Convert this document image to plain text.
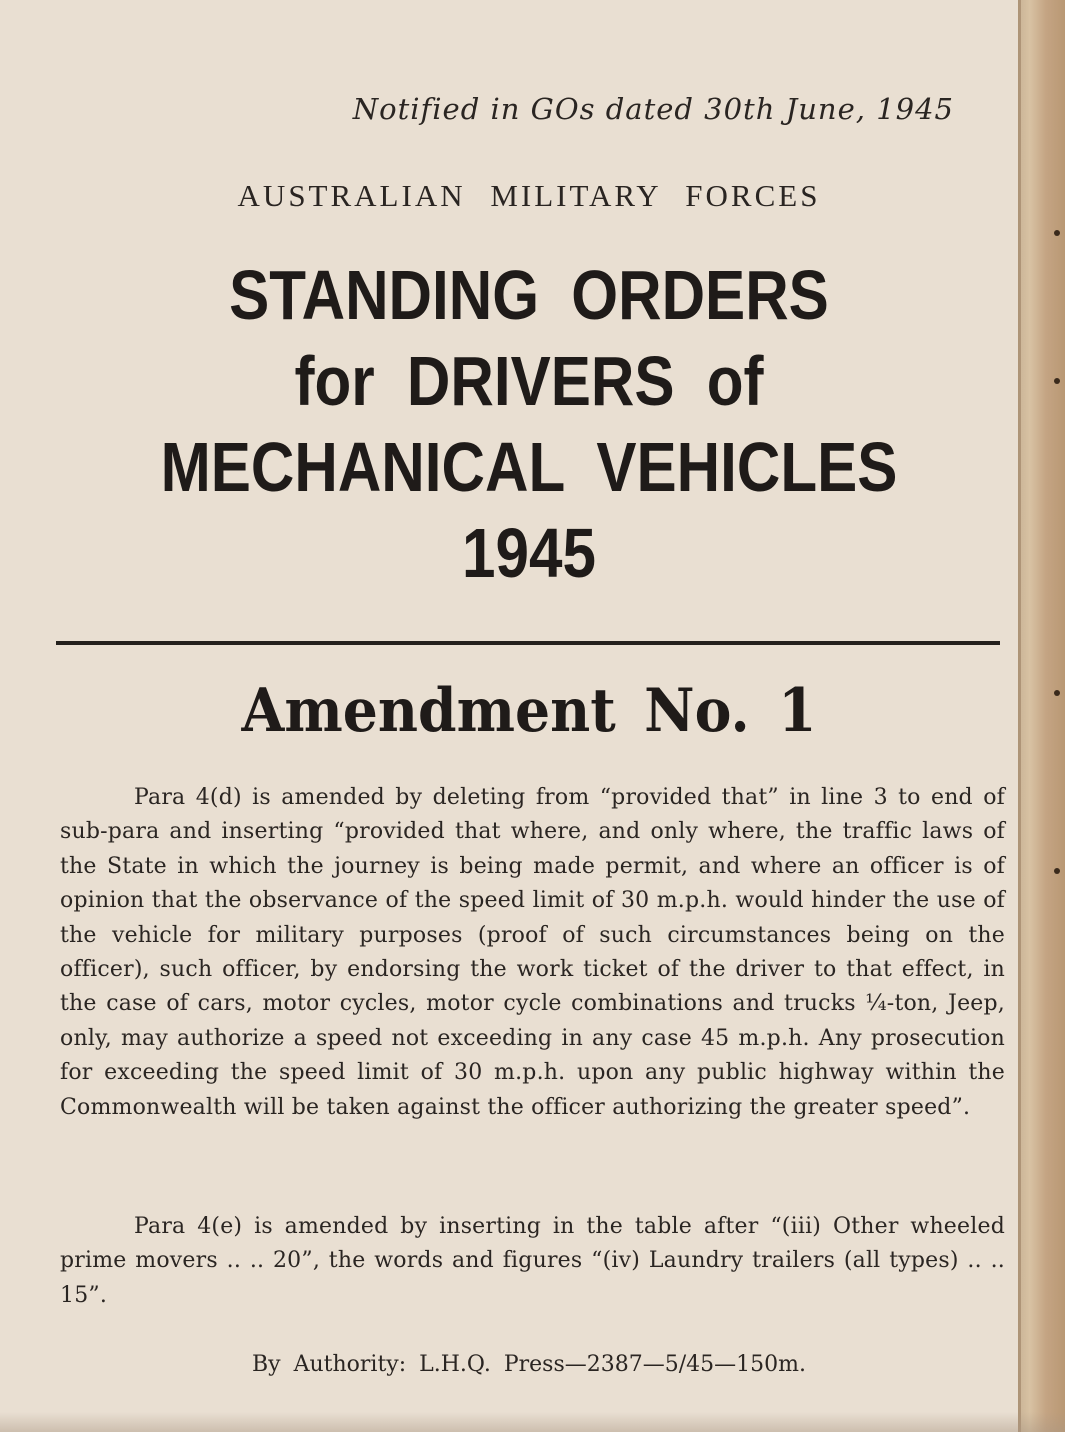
Notified in GOs dated 30th June, 1945
AUSTRALIAN MILITARY FORCES
STANDING ORDERS
for DRIVERS of
MECHANICAL VEHICLES
1945
Amendment No. 1

Para 4(d) is amended by deleting from “provided that” in line 3 to end of sub-para and inserting “provided that where, and only where, the traffic laws of the State in which the journey is being made permit, and where an officer is of opinion that the observance of the speed limit of 30 m.p.h. would hinder the use of the vehicle for military purposes (proof of such circumstances being on the officer), such officer, by endorsing the work ticket of the driver to that effect, in the case of cars, motor cycles, motor cycle combinations and trucks ¼-ton, Jeep, only, may authorize a speed not exceeding in any case 45 m.p.h. Any prosecution for exceeding the speed limit of 30 m.p.h. upon any public highway within the Commonwealth will be taken against the officer authorizing the greater speed”.

Para 4(e) is amended by inserting in the table after “(iii) Other wheeled prime movers .. .. 20”, the words and figures “(iv) Laundry trailers (all types) .. .. 15”.

By Authority: L.H.Q. Press—2387—5/45—150m.
